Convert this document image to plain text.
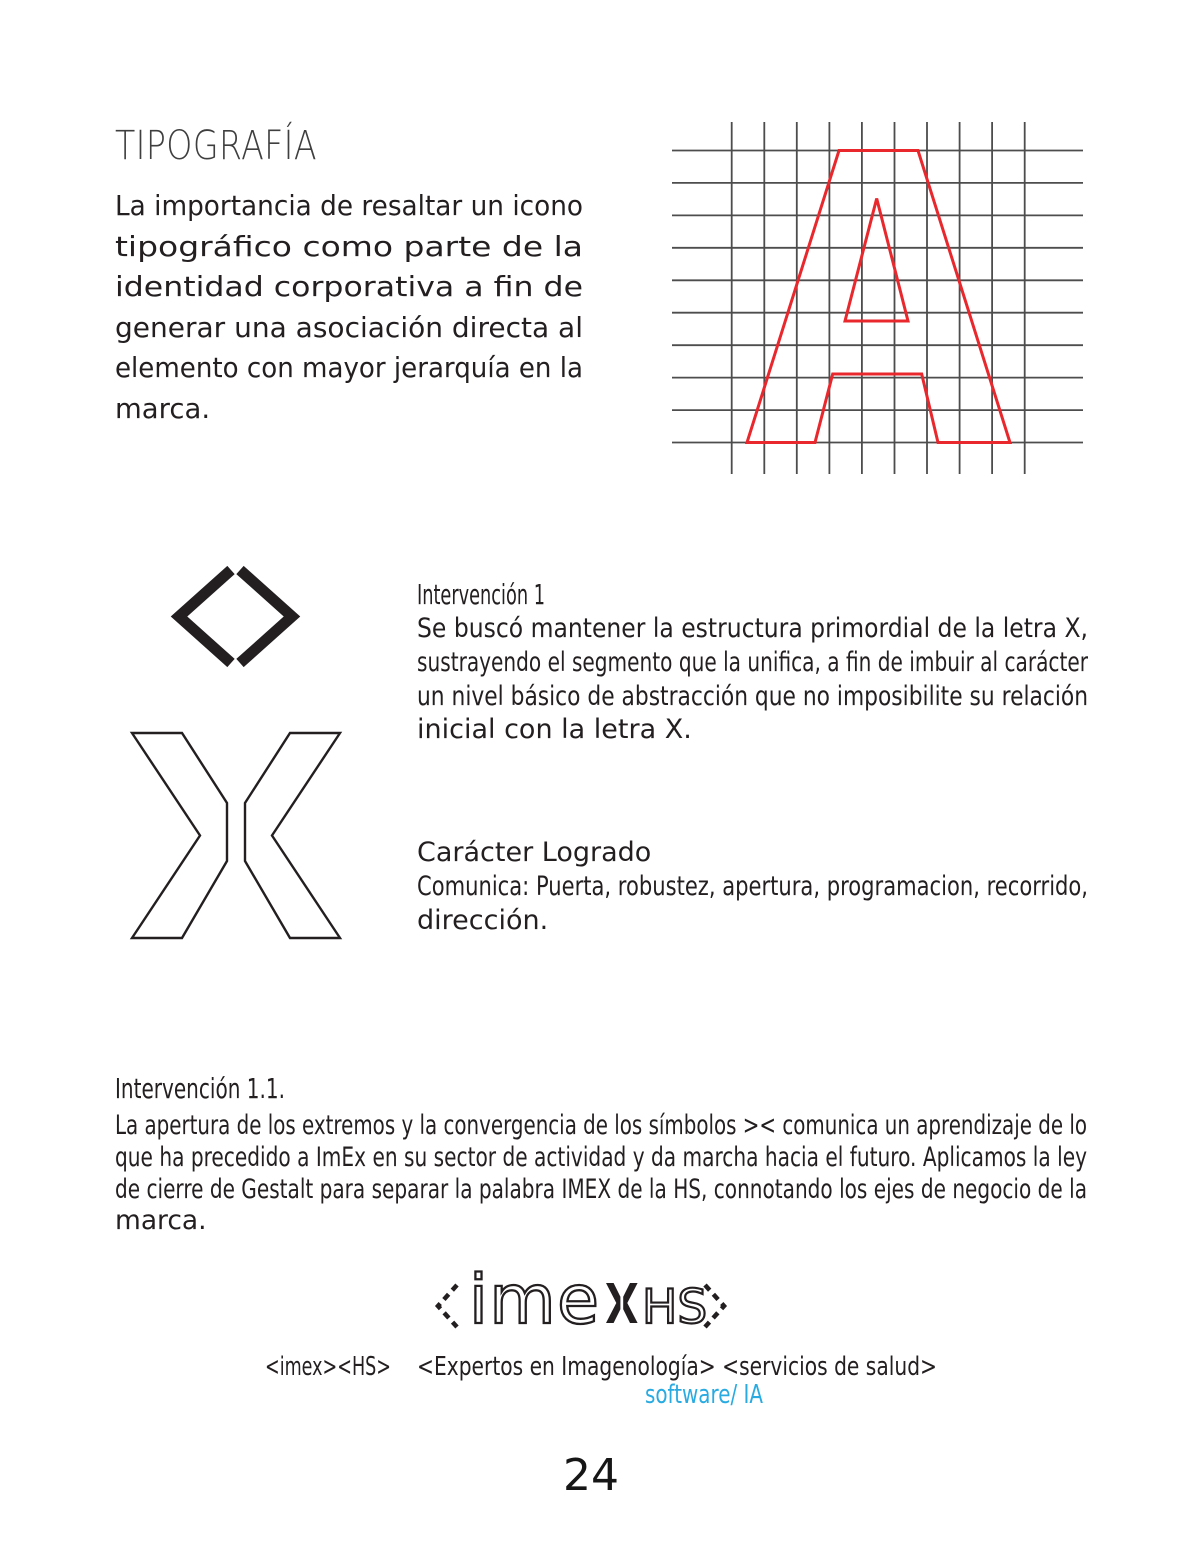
TIPOGRAFÍA
La importancia de resaltar un icono
tipográfico como parte de la
identidad corporativa a fin de
generar una asociación directa al
elemento con mayor jerarquía en la
marca.
Intervención 1
Se buscó mantener la estructura primordial de la letra X,
sustrayendo el segmento que la unifica, a fin de imbuir al carácter
un nivel básico de abstracción que no imposibilite su relación
inicial con la letra X.
Carácter Logrado
Comunica: Puerta, robustez, apertura, programacion, recorrido,
dirección.
Intervención 1.1.
La apertura de los extremos y la convergencia de los símbolos >< comunica un aprendizaje de lo
que ha precedido a ImEx en su sector de actividad y da marcha hacia el futuro. Aplicamos la ley
de cierre de Gestalt para separar la palabra IMEX de la HS, connotando los ejes de negocio de la
marca.
ime HS
<imex><HS> <Expertos en Imagenología> <servicios de salud>
software/ IA
24
